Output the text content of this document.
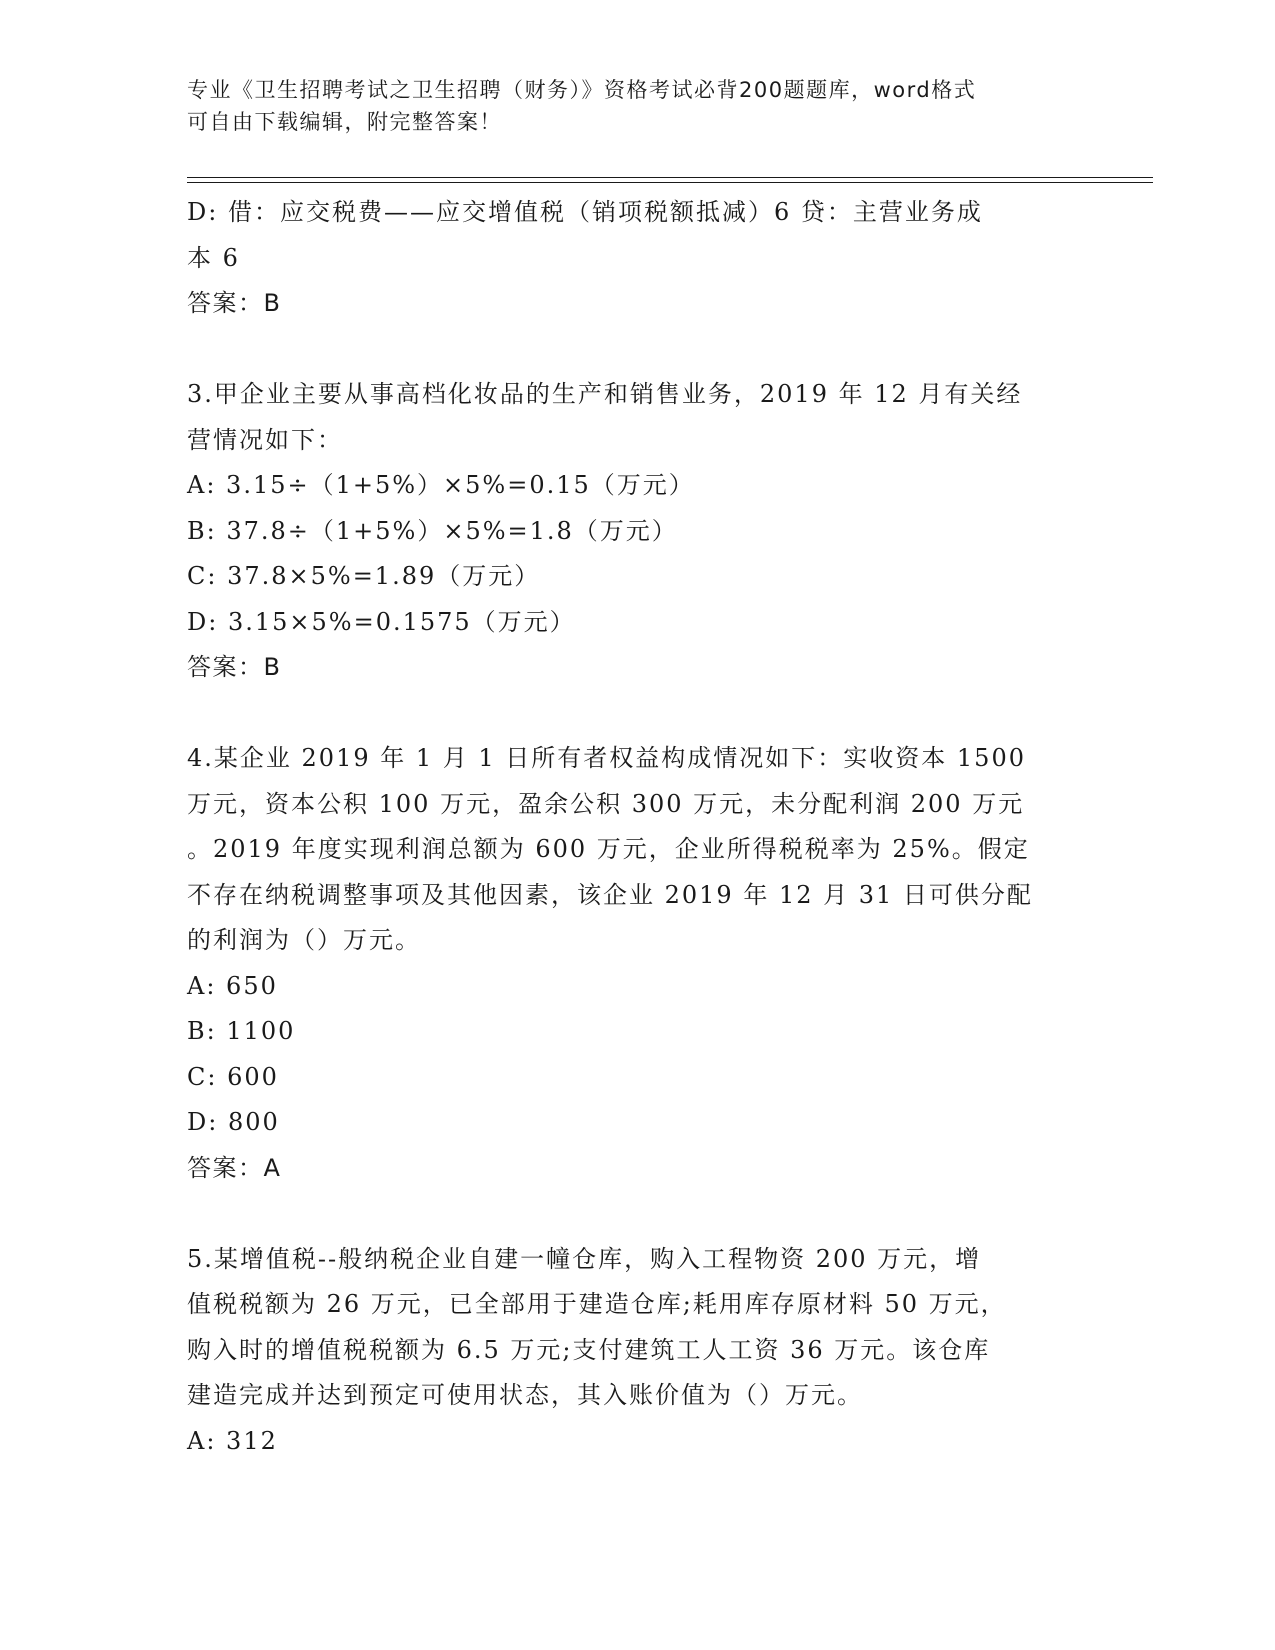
专业《卫生招聘考试之卫生招聘（财务）》资格考试必背200题题库，word格式
可自由下载编辑，附完整答案！
D: 借：应交税费——应交增值税（销项税额抵减）6 贷：主营业务成
本 6
答案：B
3.甲企业主要从事高档化妆品的生产和销售业务，2019 年 12 月有关经
营情况如下：
A: 3.15÷（1+5%）×5%=0.15（万元）
B: 37.8÷（1+5%）×5%=1.8（万元）
C: 37.8×5%=1.89（万元）
D: 3.15×5%=0.1575（万元）
答案：B
4.某企业 2019 年 1 月 1 日所有者权益构成情况如下：实收资本 1500
万元，资本公积 100 万元，盈余公积 300 万元，未分配利润 200 万元
。2019 年度实现利润总额为 600 万元，企业所得税税率为 25%。假定
不存在纳税调整事项及其他因素，该企业 2019 年 12 月 31 日可供分配
的利润为（）万元。
A: 650
B: 1100
C: 600
D: 800
答案：A
5.某增值税--般纳税企业自建一幢仓库，购入工程物资 200 万元，增
值税税额为 26 万元，已全部用于建造仓库;耗用库存原材料 50 万元，
购入时的增值税税额为 6.5 万元;支付建筑工人工资 36 万元。该仓库
建造完成并达到预定可使用状态，其入账价值为（）万元。
A: 312
